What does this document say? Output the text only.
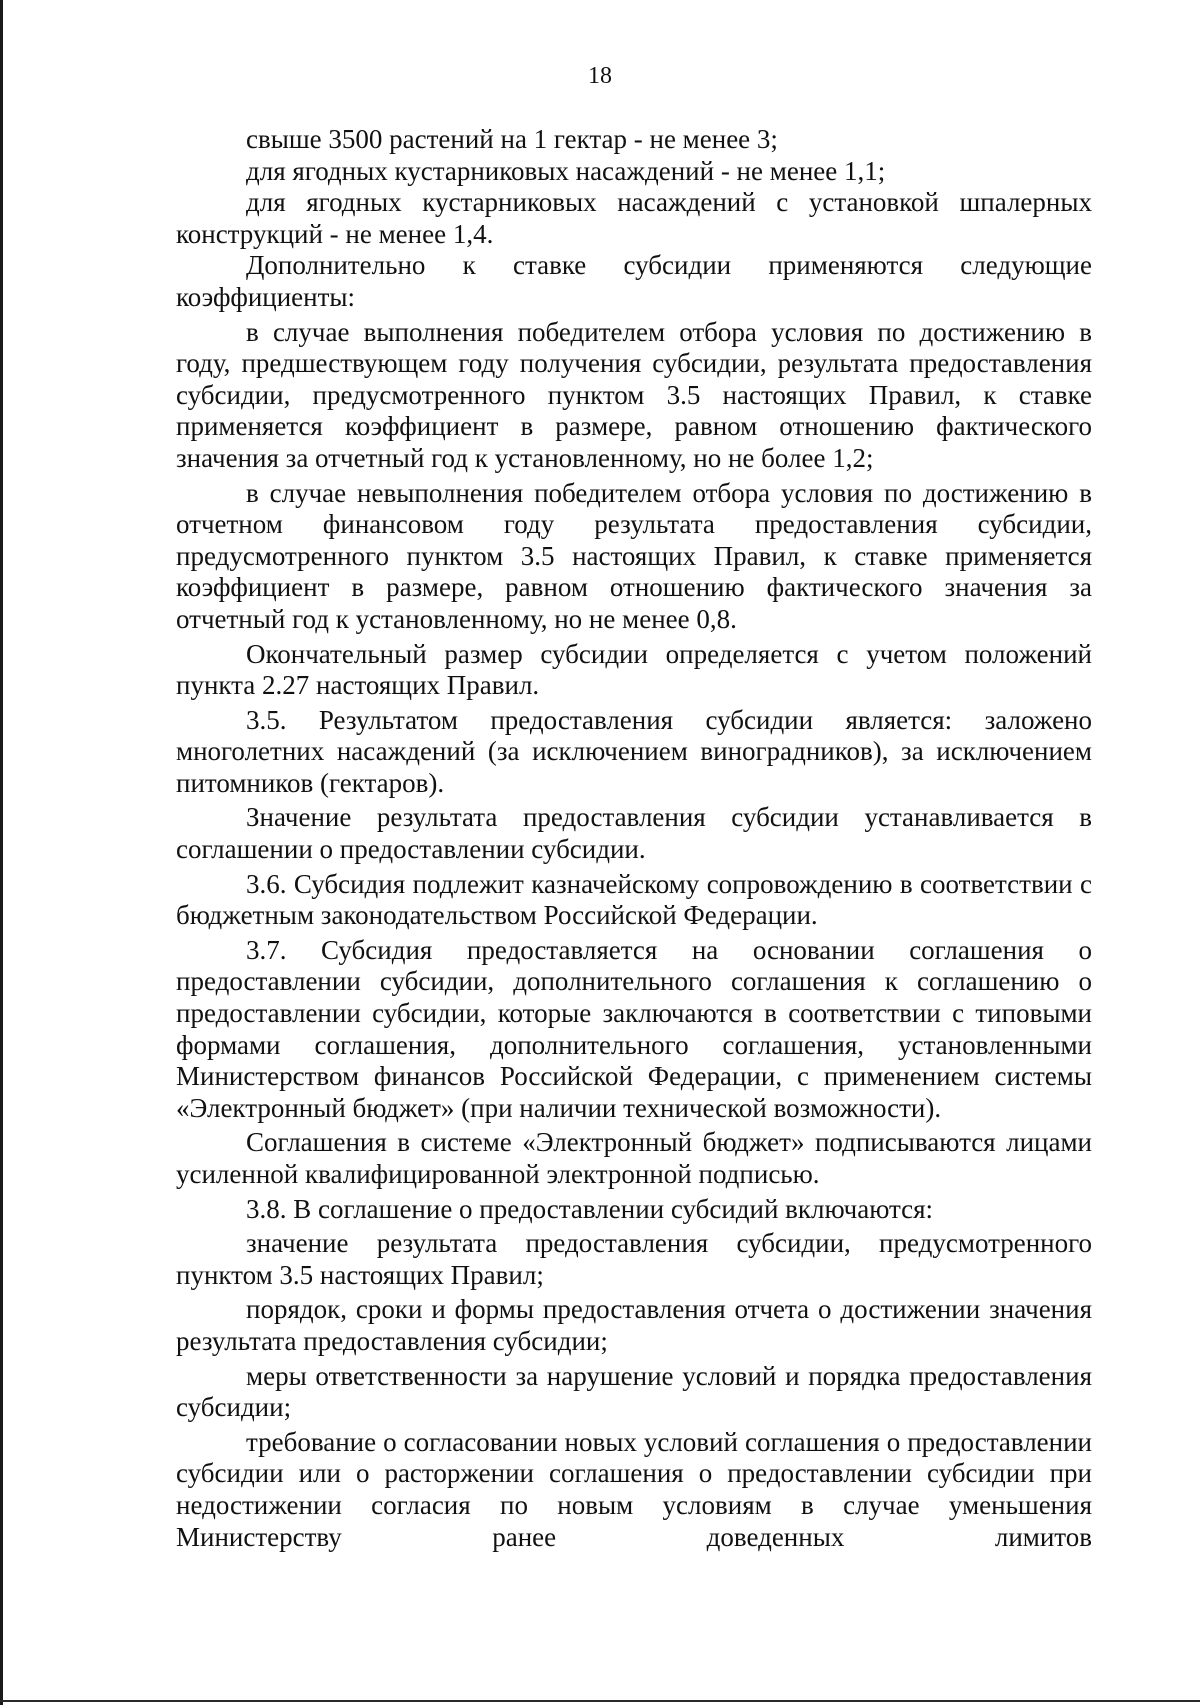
18

свыше 3500 растений на 1 гектар - не менее 3;

для ягодных кустарниковых насаждений - не менее 1,1;

для ягодных кустарниковых насаждений с установкой шпалерных конструкций - не менее 1,4.

Дополнительно к ставке субсидии применяются следующие коэффициенты:

в случае выполнения победителем отбора условия по достижению в году, предшествующем году получения субсидии, результата предоставления субсидии, предусмотренного пунктом 3.5 настоящих Правил, к ставке применяется коэффициент в размере, равном отношению фактического значения за отчетный год к установленному, но не более 1,2;

в случае невыполнения победителем отбора условия по достижению в отчетном финансовом году результата предоставления субсидии, предусмотренного пунктом 3.5 настоящих Правил, к ставке применяется коэффициент в размере, равном отношению фактического значения за отчетный год к установленному, но не менее 0,8.

Окончательный размер субсидии определяется с учетом положений пункта 2.27 настоящих Правил.

3.5. Результатом предоставления субсидии является: заложено многолетних насаждений (за исключением виноградников), за исключением питомников (гектаров).

Значение результата предоставления субсидии устанавливается в соглашении о предоставлении субсидии.

3.6. Субсидия подлежит казначейскому сопровождению в соответствии с бюджетным законодательством Российской Федерации.

3.7. Субсидия предоставляется на основании соглашения о предоставлении субсидии, дополнительного соглашения к соглашению о предоставлении субсидии, которые заключаются в соответствии с типовыми формами соглашения, дополнительного соглашения, установленными Министерством финансов Российской Федерации, с применением системы «Электронный бюджет» (при наличии технической возможности).

Соглашения в системе «Электронный бюджет» подписываются лицами усиленной квалифицированной электронной подписью.

3.8. В соглашение о предоставлении субсидий включаются:

значение результата предоставления субсидии, предусмотренного пунктом 3.5 настоящих Правил;

порядок, сроки и формы предоставления отчета о достижении значения результата предоставления субсидии;

меры ответственности за нарушение условий и порядка предоставления субсидии;

требование о согласовании новых условий соглашения о предоставлении субсидии или о расторжении соглашения о предоставлении субсидии при недостижении согласия по новым условиям в случае уменьшения Министерству ранее доведенных лимитов
